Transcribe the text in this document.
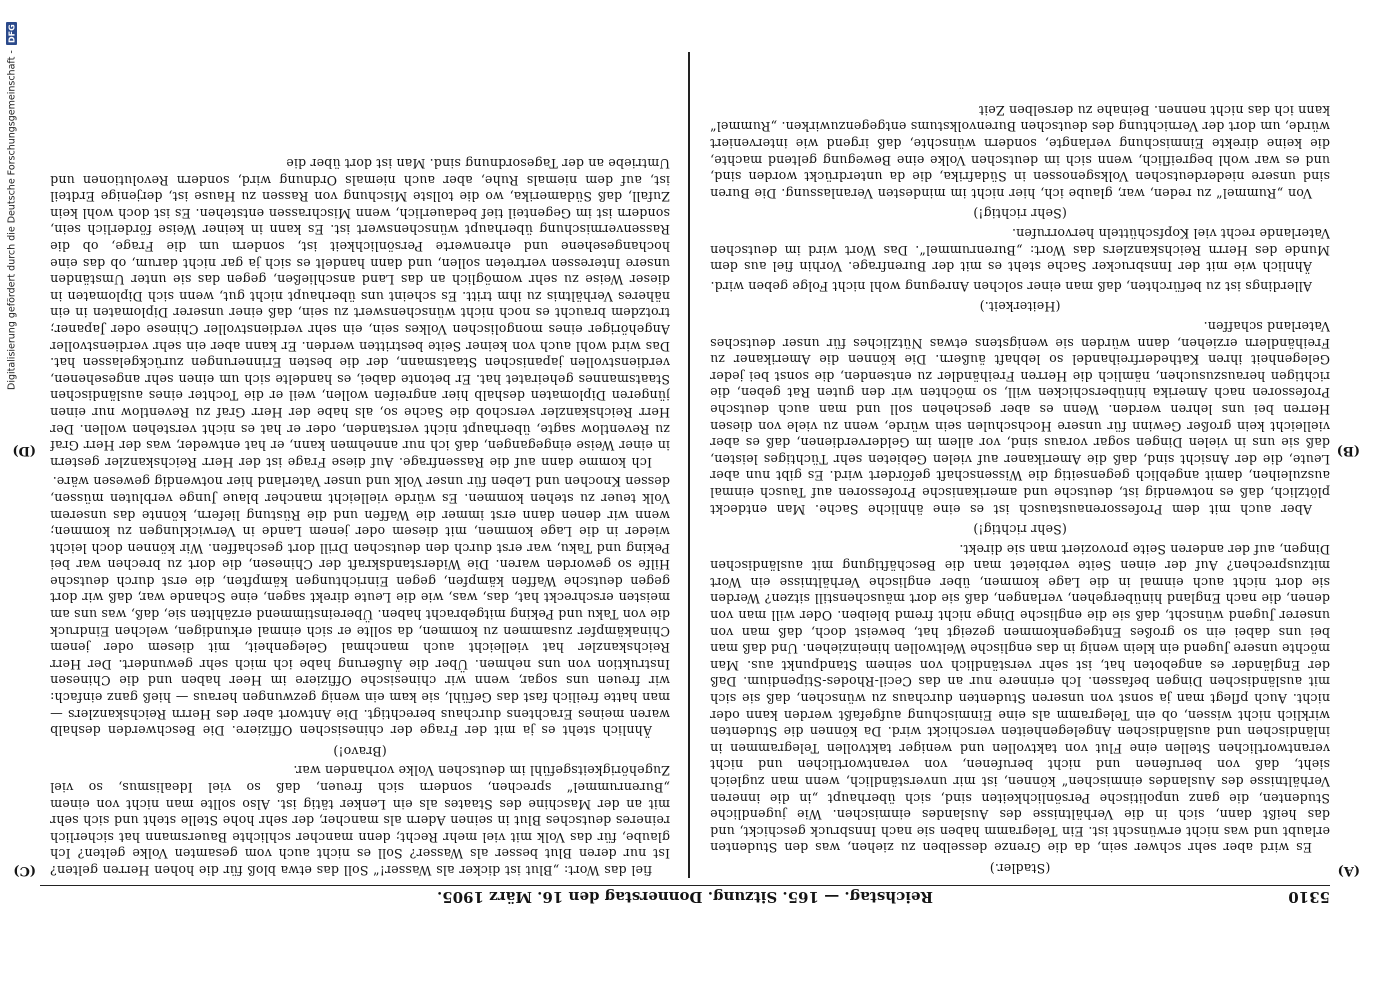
5310
Reichstag. — 165. Sitzung. Donnerstag den 16. März 1905.

(Stadler.)

Es wird aber sehr schwer sein, da die Grenze desselben zu ziehen, was den Studenten erlaubt und was nicht erwünscht ist. Ein Telegramm haben sie nach Innsbruck geschickt, und das heißt dann, sich in die Verhältnisse des Auslandes einmischen. Wie jugendliche Studenten, die ganz unpolitische Persönlichkeiten sind, sich überhaupt „in die inneren Verhältnisse des Auslandes einmischen“ können, ist mir unverständlich, wenn man zugleich sieht, daß von berufenen und nicht berufenen, von verantwortlichen und nicht verantwortlichen Stellen eine Flut von taktvollen und weniger taktvollen Telegrammen in inländischen und ausländischen Angelegenheiten verschickt wird. Da können die Studenten wirklich nicht wissen, ob ein Telegramm als eine Einmischung aufgefaßt werden kann oder nicht. Auch pflegt man ja sonst von unseren Studenten durchaus zu wünschen, daß sie sich mit ausländischen Dingen befassen. Ich erinnere nur an das Cecil-Rhodes-Stipendium. Daß der Engländer es angeboten hat, ist sehr verständlich von seinem Standpunkt aus. Man möchte unsere Jugend ein klein wenig in das englische Weltwollen hineinziehen. Und daß man bei uns dabei ein so großes Entgegenkommen gezeigt hat, beweist doch, daß man von unserer Jugend wünscht, daß sie die englische Dinge nicht fremd bleiben. Oder will man von denen, die nach England hinübergehen, verlangen, daß sie dort mäuschenstill sitzen? Werden sie dort nicht auch einmal in die Lage kommen, über englische Verhältnisse ein Wort mitzusprechen? Auf der einen Seite verbietet man die Beschäftigung mit ausländischen Dingen, auf der anderen Seite provoziert man sie direkt.

(Sehr richtig!)

Aber auch mit dem Professorenaustausch ist es eine ähnliche Sache. Man entdeckt plötzlich, daß es notwendig ist, deutsche und amerikanische Professoren auf Tausch einmal auszuleihen, damit angeblich gegenseitig die Wissenschaft gefördert wird. Es gibt nun aber Leute, die der Ansicht sind, daß die Amerikaner auf vielen Gebieten sehr Tüchtiges leisten, daß sie uns in vielen Dingen sogar voraus sind, vor allem im Gelderverdienen, daß es aber vielleicht kein großer Gewinn für unsere Hochschulen sein würde, wenn zu viele von diesen Herren bei uns lehren werden. Wenn es aber geschehen soll und man auch deutsche Professoren nach Amerika hinüberschicken will, so möchten wir den guten Rat geben, die richtigen herauszusuchen, nämlich die Herren Freihändler zu entsenden, die sonst bei jeder Gelegenheit ihren Kathederfreihandel so lebhaft äußern. Die können die Amerikaner zu Freihändlern erziehen, dann würden sie wenigstens etwas Nützliches für unser deutsches Vaterland schaffen.

(Heiterkeit.)

Allerdings ist zu befürchten, daß man einer solchen Anregung wohl nicht Folge geben wird.

Ähnlich wie mit der Innsbrucker Sache steht es mit der Burenfrage. Vorhin fiel aus dem Munde des Herrn Reichskanzlers das Wort: „Burenrummel“. Das Wort wird im deutschen Vaterlande recht viel Kopfschütteln hervorrufen.

(Sehr richtig!)

Von „Rummel“ zu reden, war, glaube ich, hier nicht im mindesten Veranlassung. Die Buren sind unsere niederdeutschen Volksgenossen in Südafrika, die da unterdrückt worden sind, und es war wohl begreiflich, wenn sich im deutschen Volke eine Bewegung geltend machte, die keine direkte Einmischung verlangte, sondern wünschte, daß irgend wie interveniert würde, um dort der Vernichtung des deutschen Burenvolkstums entgegenzuwirken. „Rummel“ kann ich das nicht nennen. Beinahe zu derselben Zeit

fiel das Wort: „Blut ist dicker als Wasser!“ Soll das etwa bloß für die hohen Herren gelten? Ist nur deren Blut besser als Wasser? Soll es nicht auch vom gesamten Volke gelten? Ich glaube, für das Volk mit viel mehr Recht; denn mancher schlichte Bauersmann hat sicherlich reineres deutsches Blut in seinen Adern als mancher, der sehr hohe Stelle steht und sich sehr mit an der Maschine des Staates als ein Lenker tätig ist. Also sollte man nicht von einem „Burenrummel“ sprechen, sondern sich freuen, daß so viel Idealismus, so viel Zugehörigkeitsgefühl im deutschen Volke vorhanden war.

(Bravo!)

Ähnlich steht es ja mit der Frage der chinesischen Offiziere. Die Beschwerden deshalb waren meines Erachtens durchaus berechtigt. Die Antwort aber des Herrn Reichskanzlers — man hatte freilich fast das Gefühl, sie kam ein wenig gezwungen heraus — hieß ganz einfach: wir freuen uns sogar, wenn wir chinesische Offiziere im Heer haben und die Chinesen Instruktion von uns nehmen. Über die Äußerung habe ich mich sehr gewundert. Der Herr Reichskanzler hat vielleicht auch manchmal Gelegenheit, mit diesem oder jenem Chinakämpfer zusammen zu kommen, da sollte er sich einmal erkundigen, welchen Eindruck die von Taku und Peking mitgebracht haben. Übereinstimmend erzählten sie, daß, was uns am meisten erschreckt hat, das, was, wie die Leute direkt sagen, eine Schande war, daß wir dort gegen deutsche Waffen kämpfen, gegen Einrichtungen kämpften, die erst durch deutsche Hilfe so geworden waren. Die Widerstandskraft der Chinesen, die dort zu brechen war bei Peking und Taku, war erst durch den deutschen Drill dort geschaffen. Wir können doch leicht wieder in die Lage kommen, mit diesem oder jenem Lande in Verwicklungen zu kommen; wenn wir denen dann erst immer die Waffen und die Rüstung liefern, könnte das unserem Volk teuer zu stehen kommen. Es würde vielleicht mancher blaue Junge verbluten müssen, dessen Knochen und Leben für unser Volk und unser Vaterland hier notwendig gewesen wäre.

Ich komme dann auf die Rassenfrage. Auf diese Frage ist der Herr Reichskanzler gestern in einer Weise eingegangen, daß ich nur annehmen kann, er hat entweder, was der Herr Graf zu Reventlow sagte, überhaupt nicht verstanden, oder er hat es nicht verstehen wollen. Der Herr Reichskanzler verschob die Sache so, als habe der Herr Graf zu Reventlow nur einen jüngeren Diplomaten deshalb hier angreifen wollen, weil er die Tochter eines ausländischen Staatsmannes geheiratet hat. Er betonte dabei, es handelte sich um einen sehr angesehenen, verdienstvollen japanischen Staatsmann, der die besten Erinnerungen zurückgelassen hat. Das wird wohl auch von keiner Seite bestritten werden. Er kann aber ein sehr verdienstvoller Angehöriger eines mongolischen Volkes sein, ein sehr verdienstvoller Chinese oder Japaner; trotzdem braucht es noch nicht wünschenswert zu sein, daß einer unserer Diplomaten in ein näheres Verhältnis zu ihm tritt. Es scheint uns überhaupt nicht gut, wenn sich Diplomaten in dieser Weise zu sehr womöglich an das Land anschließen, gegen das sie unter Umständen unsere Interessen vertreten sollen, und dann handelt es sich ja gar nicht darum, ob das eine hochangesehene und ehrenwerte Persönlichkeit ist, sondern um die Frage, ob die Rassenvermischung überhaupt wünschenswert ist. Es kann in keiner Weise förderlich sein, sondern ist im Gegenteil tief bedauerlich, wenn Mischrassen entstehen. Es ist doch wohl kein Zufall, daß Südamerika, wo die tollste Mischung von Rassen zu Hause ist, derjenige Erdteil ist, auf dem niemals Ruhe, aber auch niemals Ordnung wird, sondern Revolutionen und Umtriebe an der Tagesordnung sind. Man ist dort über die

(A)
(B)
(C)
(D)
Digitalisierung gefördert durch die Deutsche Forschungsgemeinschaft -
DFG
